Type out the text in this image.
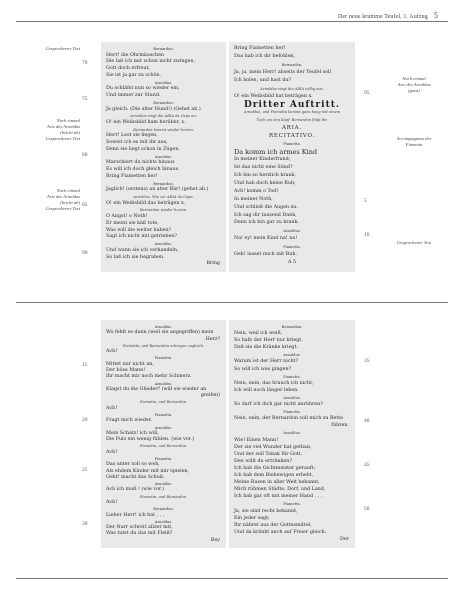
Der neue krumme Teufel, 1. Aufzug 5
Gesprochener Text
Noch einmal
Arie des Arnoldus
(bricht ab)
Gesprochener Text
Noch einmal
Arie des Arnoldus
(bricht ab)
Gesprochener Text
70
75
80
85
90
Noch einmal
Arie des Arnoldus
(ganz)
Accompagnato der
Fiametta
Gesprochener Text
95
5
10
Bernardon.
Herr! die Ohrmäuschen
Die laß ich mir schon nicht zwingen,
Gott doch erfreut,
Sie ist ja gar zu schön.
Arnoldus.
Du schläfst nun so wieder ein,
Und immer zur Stund.
Bernardon.
Ja gleich. (Die alter Hund!) (Gehet ab.)
Arnoldus singt die ARIA da Capo an.
O! ein Weibsbild kam herüber, x.
Bernardon kommt wieder herein.
Herr! Lest sie liegen,
Soweit ich es mit ihr aus,
Denn sie liegt schon in Zügen.
Arnoldus.
Marschiert du nichts hinaus
Es will ich doch gleich hinaus.
Bring Fiametten her!
Bernardon.
Jaglich! (erstens) an alter Bär! (gehet ab.)
Arnoldus. Wie vor ARIA da Capo.
O! ein Weibsbild das beträgen x.
Bernardon wieder herein.
O Angst! o Noth!
Er meint sie käß tote,
Was will die weiter haben?
Sagt ich nicht mit getrieben?
Arnoldus.
Und wann sie ich verhandeln,
So laß ich sie begraben.
Bring
Bring Fiametten her!
Das hab ich dir befohlen,
Bernardon.
Ja, ja, mein Herr! abseits der Teufel soll
Ich holen, und hast du?
Arnoldus singt die ARIA völlig aus.
O! ein Weibsbild hat beträgen x.
Dritter Auftritt.
Arnoldus, und Fiametta kommt ganz bang mit einem
Tuch um den Kopf. Bernardon folgt ihr.
ARIA.
RECITATIVO.
Fiametta.
Da komm ich armes Kind
In meiner Kinderfrand;
Ist das nicht eine Sünd?
Ich bin so herzlich krank,
Und hab doch keine Ruh;
Ach! komm o Tod!
In meiner Noth,
Und schließ die Augen zu.
Ich sag dir tausend Dank,
Denn ich bin gar zu krank.
Arnoldus.
Na! ey! mein Kind na! na!
Fiametta.
Geh! lasset mich mit Ruh.
A 5
Arnoldus.
Wo fehlt es dann (weil sie angegriffen) mein
Herz?
Fiametta, und Bernardon schreyen zugleich.
Ach!
Fiametta.
Mittet mir nicht an,
Der böse Mann!
Ihr macht mir noch mehr Schmerz.
Arnoldus.
Klagst du die Glieder? (will sie wieder an
greifen)
Fiametta, und Bernardon.
Ach!
Fiametta.
Fragt mich wieder.
Arnoldus.
Mein Schatz! ich will,
Die Puls ein wenig fühlen. (wie vor.)
Fiametta, und Bernardon.
Ach!
Fiametta.
Das unter soll so weh,
Als ehdem Kinder mit mir spielen,
Geht! macht das Schuß.
Arnoldus.
Ach ich muß ! (wie vor.)
Fiametta, und Bernardon.
Ach!
Bernardon.
Lieber Herr! ich hat , , ,
Arnoldus.
Der Narr schreit allzer mit,
Was tutst du das mit Fleiß?
Bey
Bernardon.
Nein, weil ich weiß,
So halb der Herr nur kriegt,
Daß sie die Kränke kriegt.
Arnoldus.
Warum ist der Herr nicht?
So will ich was gingen?
Fiametta.
Nein, nein, das brauch ich nicht,
Ich will noch länger leben.
Arnoldus.
So darf ich dich gar nicht anrühren?
Fiametta.
Nein, nein, der Bernardon soll mich zu Bette
führen.
Arnoldus.
Wie! Einen Mann!
Der sie viel Wunder hat gethan,
Und der soll Tabak für Gott,
Den willt du ertränken?
Ich hab die Gichtmeister gerauft;
Ich hab dem Biehewigen erhebt,
Meine Razen in aller Welt bekannt,
Mich rühmen Städte, Dorf, und Land,
Ich hab gar oft mit meiner Hand , , ,
Fiametta.
Ja, sie sind recht bekannt,
Ein jeder sagt;
Ihr nähret aus der Gottesmittel,
Und da kränkt auch auf Freier gleich:
Der
15
20
25
30
35
40
45
50
